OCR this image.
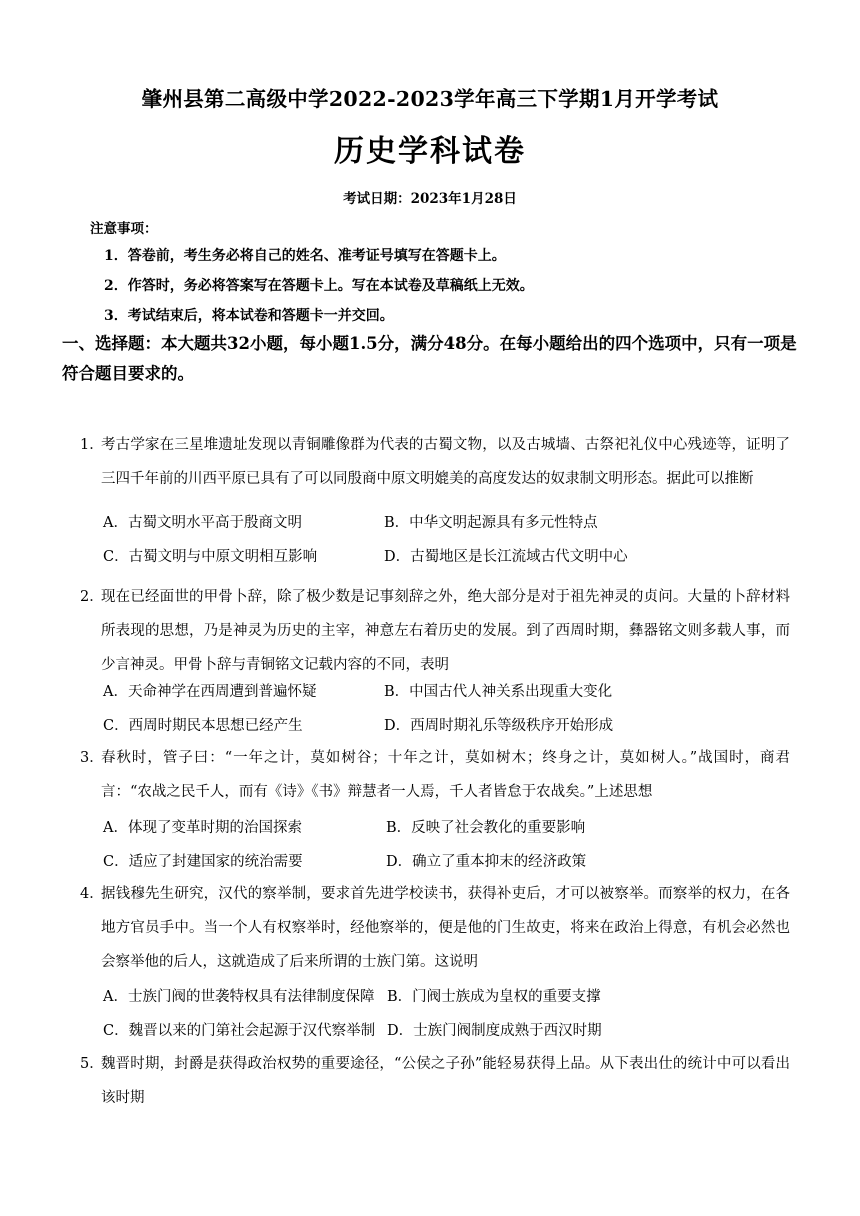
肇州县第二高级中学2022-2023学年高三下学期1月开学考试
历史学科试卷
考试日期：2023年1月28日
注意事项：
1．答卷前，考生务必将自己的姓名、准考证号填写在答题卡上。
2．作答时，务必将答案写在答题卡上。写在本试卷及草稿纸上无效。
3．考试结束后，将本试卷和答题卡一并交回。
一、选择题：本大题共32小题，每小题1.5分，满分48分。在每小题给出的四个选项中，只有一项是符合题目要求的。
1．
考古学家在三星堆遗址发现以青铜雕像群为代表的古蜀文物，以及古城墙、古祭祀礼仪中心残迹等，证明了三四千年前的川西平原已具有了可以同殷商中原文明媲美的高度发达的奴隶制文明形态。据此可以推断
A．古蜀文明水平高于殷商文明	B．中华文明起源具有多元性特点
C．古蜀文明与中原文明相互影响	D．古蜀地区是长江流域古代文明中心
2．
现在已经面世的甲骨卜辞，除了极少数是记事刻辞之外，绝大部分是对于祖先神灵的贞问。大量的卜辞材料所表现的思想，乃是神灵为历史的主宰，神意左右着历史的发展。到了西周时期，彝器铭文则多载人事，而少言神灵。甲骨卜辞与青铜铭文记载内容的不同，表明
A．天命神学在西周遭到普遍怀疑	B．中国古代人神关系出现重大变化
C．西周时期民本思想已经产生	D．西周时期礼乐等级秩序开始形成
3．
春秋时，管子曰：“一年之计，莫如树谷；十年之计，莫如树木；终身之计，莫如树人。”战国时，商君言：“农战之民千人，而有《诗》《书》辩慧者一人焉，千人者皆怠于农战矣。”上述思想
A．体现了变革时期的治国探索	B．反映了社会教化的重要影响
C．适应了封建国家的统治需要	D．确立了重本抑末的经济政策
4．
据钱穆先生研究，汉代的察举制，要求首先进学校读书，获得补吏后，才可以被察举。而察举的权力，在各地方官员手中。当一个人有权察举时，经他察举的，便是他的门生故吏，将来在政治上得意，有机会必然也会察举他的后人，这就造成了后来所谓的士族门第。这说明
A．士族门阀的世袭特权具有法律制度保障 B．门阀士族成为皇权的重要支撑
C．魏晋以来的门第社会起源于汉代察举制 D．士族门阀制度成熟于西汉时期
5．
魏晋时期，封爵是获得政治权势的重要途径，“公侯之子孙”能轻易获得上品。从下表出仕的统计中可以看出该时期
